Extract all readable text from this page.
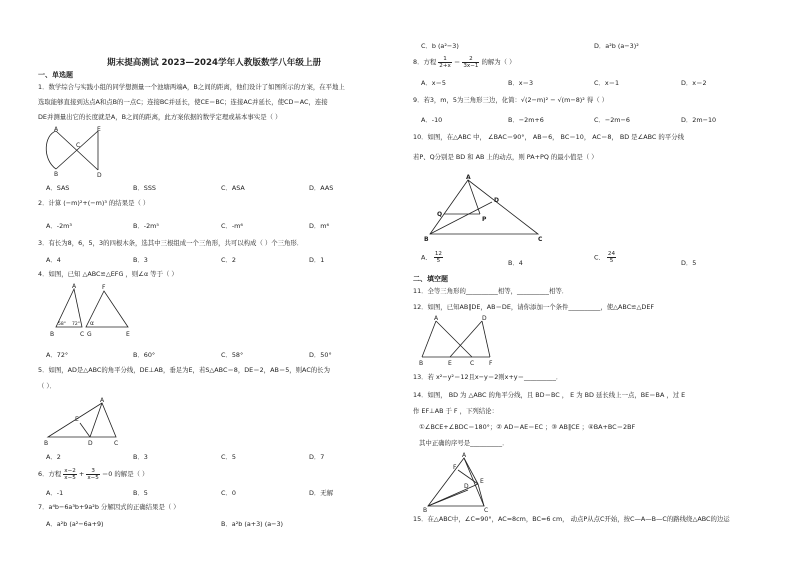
期末提高测试 2023—2024学年人教版数学八年级上册
一、单选题
1．数学综合与实践小组的同学想测量一个池塘两端A，B之间的距离，他们设计了如图所示的方案，在平地上
选取能够直接到达点A和点B的一点C；连接BC并延长，使CE＝BC；连接AC并延长，使CD＝AC，连接
DE并测量出它的长度就是A，B之间的距离，此方案依据的数学定理或基本事实是（ ）
A
C
E
B	D
A．SAS	B．SSS	C．ASA	D．AAS
2．计算 (−m)²+(−m)³ 的结果是（ ）
A．-2m³	B．-2m⁵	C．-m⁶	D．m⁶
3．有长为8，6，5，3的四根木条，选其中三根组成一个三角形，共可以构成（ ）个三角形．
A．4	B．3	C．2	D．1
4．如图，已知 △ABC≌△EFG ，则∠α 等于（ ）
A	F
B	C G	E
58° 72° α
A．72°	B．60°	C．58°	D．50°
5．如图，AD是△ABC的角平分线，DE⊥AB，垂足为E，若S△ABC＝8，DE＝2，AB＝5，则AC的长为
（ ）．
A
E
B	D	C
A．2	B．3	C．5	D．7
6．方程 $\frac{x-2}{x-5} + \frac{3}{x-5} =0$ 的解是（ ）
A．-1	B．5	C．0	D．无解
7．a⁴b−6a³b+9a²b 分解因式的正确结果是（ ）
A．a²b (a²−6a+9)	B．a²b (a+3) (a−3)
C．b (a²−3)	D．a²b (a−3)²
8．方程 $\frac{1}{2+x} = \frac{2}{3x-1}$ 的解为（ ）
A．x＝5	B．x＝3	C．x＝1	D．x＝2
9．若3，m，5为三角形三边，化简：√(2−m)² − √(m−8)² 得（ ）
A．-10	B．−2m+6	C．−2m−6	D．2m−10
10．如图，在△ABC 中， ∠BAC＝90°， AB＝6， BC＝10， AC＝8， BD 是∠ABC 的平分线
若P、Q分别是 BD 和 AB 上的动点，则 PA+PQ 的最小值是（ ）
A
D
Q
P
B	C
A． $\frac{12}{5}$	B．4
C． $\frac{24}{5}$	D．5
二、填空题
11．全等三角形的__________相等，__________相等．
12．如图，已知AB∥DE，AB＝DE，请你添加一个条件__________，使△ABC≌△DEF
A	D
B	E	C F
13．若 x²−y²＝12且x−y＝2则x+y＝__________．
14．如图， BD 为 △ABC 的角平分线，且 BD＝BC ， E 为 BD 延长线上一点，BE＝BA ，过 E
作 EF⊥AB 于 F ，下列结论：
①∠BCE+∠BDC＝180°；② AD＝AE＝EC ；③ AB∥CE ；④BA+BC＝2BF
其中正确的序号是__________．
A
F
D
E
B	C
15．在△ABC中，∠C=90°，AC=8cm，BC=6 cm， 动点P从点C开始，按C—A—B—C的路线绕△ABC的边运
